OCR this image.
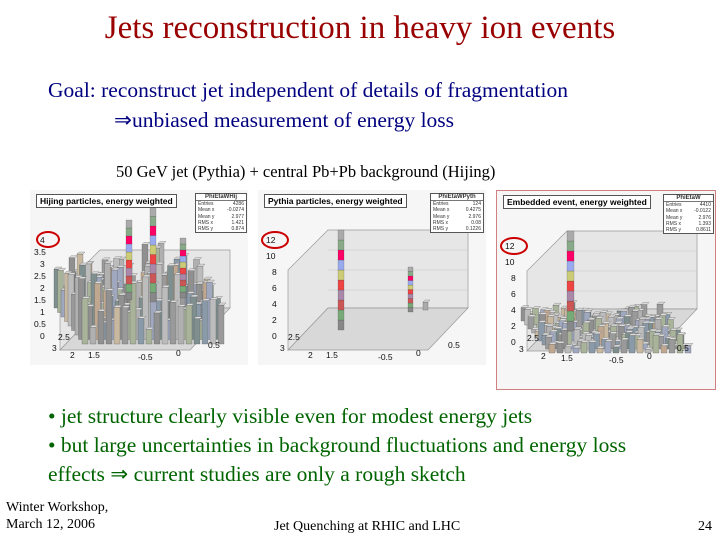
Jets reconstruction in heavy ion events
Goal: reconstruct jet independent of details of fragmentation
⇒unbiased measurement of energy loss
50 GeV jet (Pythia) + central Pb+Pb background (Hijing)
Hijing particles, energy weighted	PhiEtaWHij
Entries	4286
Mean x	-0.0274
Mean y	2.977
RMS x	1.421
RMS y	0.874
4
3.5
3
2.5
2
1.5
1
0.5
0
3
2.5
2 1.5	-0.5	0
0.5
Pythia particles, energy weighted	PhiEtaWPyth
Entries	124
Mean x	0.4275
Mean y	2.976
RMS x	0.08
RMS y	0.1226
12
10
8
6
4
2
0
3
2.5
2 1.5	-0.5	0
0.5
Embedded event, energy weighted	PhiEtaW
Entries	4410
Mean x -0.0122
Mean y	2.976
RMS x	1.393
RMS y	0.8611
12
10
8
6
4
2
0
3
2.5
2 1.5	-0.5	0
0.5
• jet structure clearly visible even for modest energy jets
• but large uncertainties in background fluctuations and energy loss
effects ⇒ current studies are only a rough sketch
Winter Workshop,
March 12, 2006	Jet Quenching at RHIC and LHC	24
